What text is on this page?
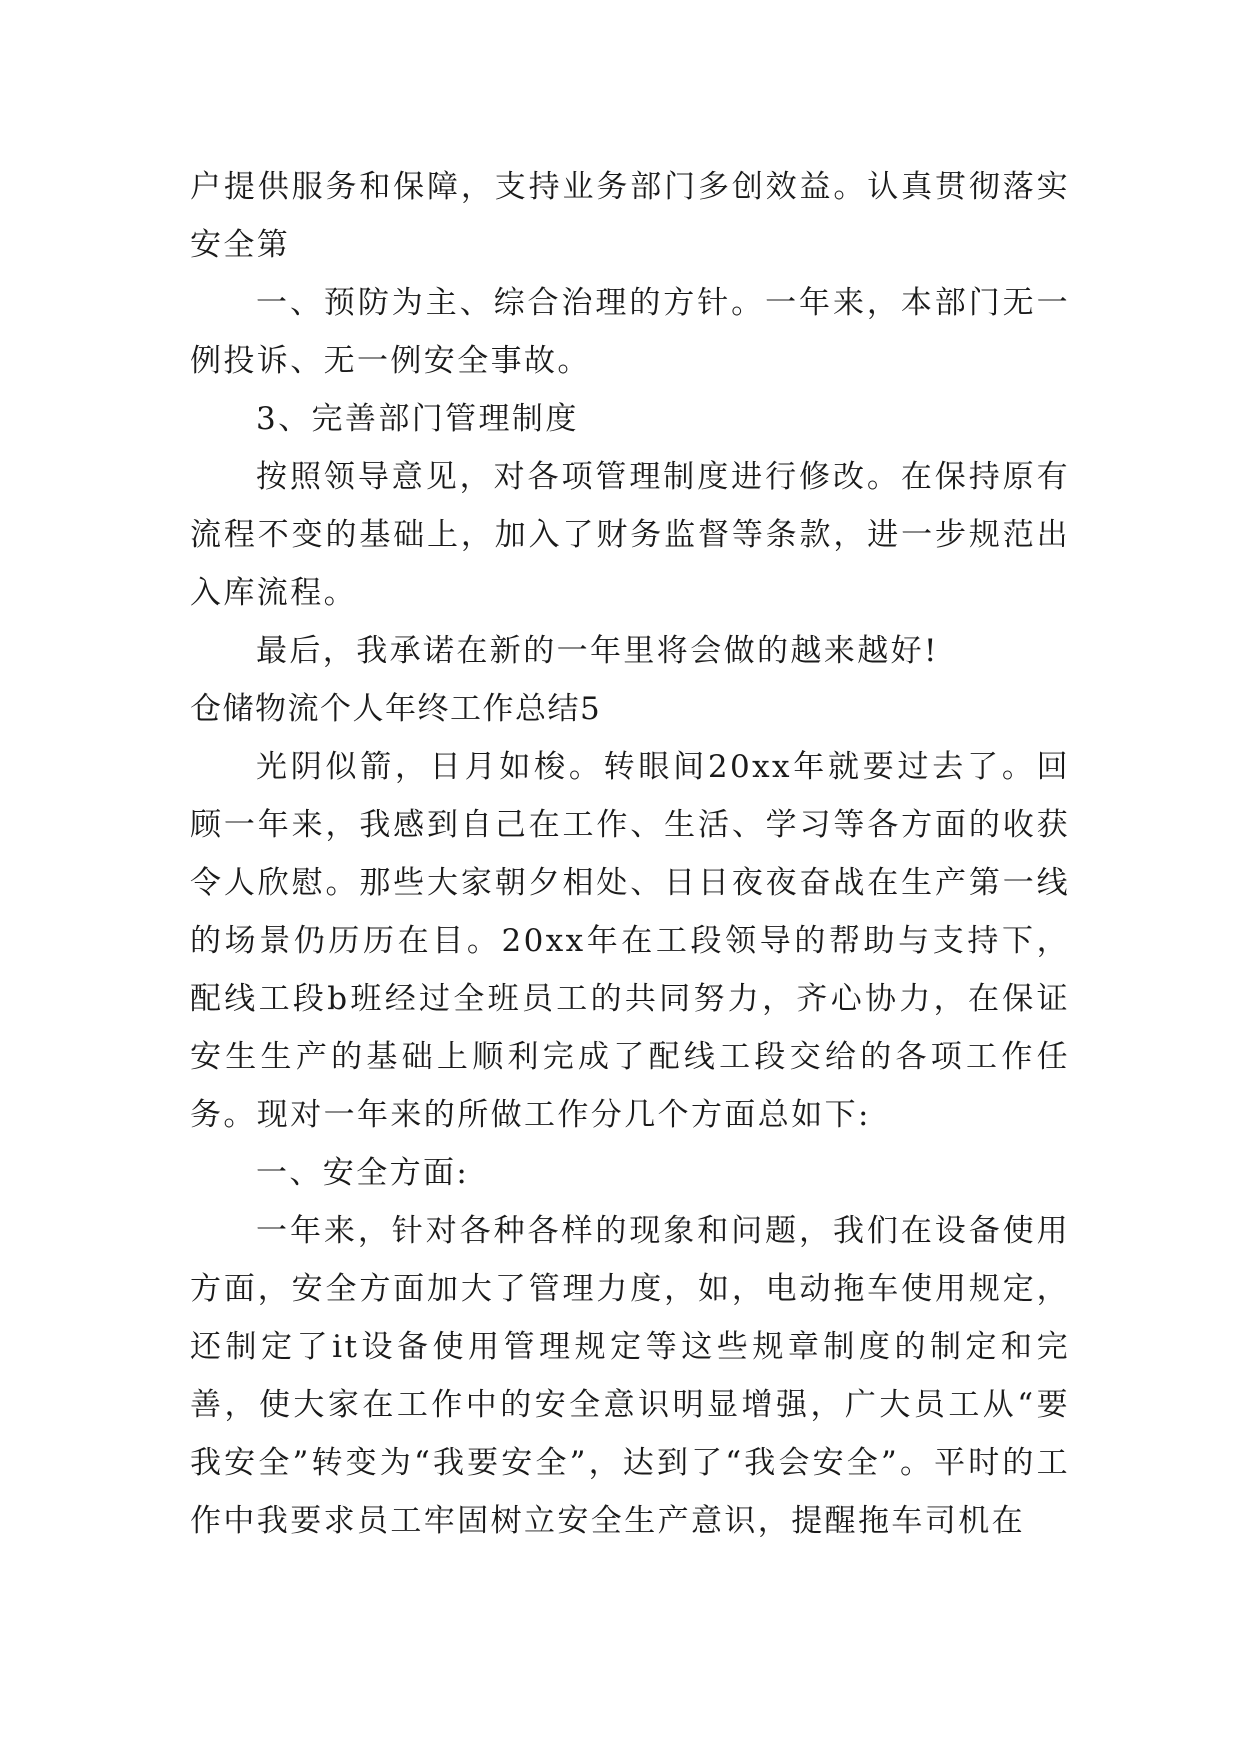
户提供服务和保障，支持业务部门多创效益。认真贯彻落实安全第

一、预防为主、综合治理的方针。一年来，本部门无一例投诉、无一例安全事故。

3、完善部门管理制度

按照领导意见，对各项管理制度进行修改。在保持原有流程不变的基础上，加入了财务监督等条款，进一步规范出入库流程。

最后，我承诺在新的一年里将会做的越来越好!

仓储物流个人年终工作总结5

光阴似箭，日月如梭。转眼间20xx年就要过去了。回顾一年来，我感到自己在工作、生活、学习等各方面的收获令人欣慰。那些大家朝夕相处、日日夜夜奋战在生产第一线的场景仍历历在目。20xx年在工段领导的帮助与支持下，配线工段b班经过全班员工的共同努力，齐心协力，在保证安生生产的基础上顺利完成了配线工段交给的各项工作任务。现对一年来的所做工作分几个方面总如下:

一、安全方面:

一年来，针对各种各样的现象和问题，我们在设备使用方面，安全方面加大了管理力度，如，电动拖车使用规定，还制定了it设备使用管理规定等这些规章制度的制定和完善，使大家在工作中的安全意识明显增强，广大员工从“要我安全”转变为“我要安全”，达到了“我会安全”。平时的工作中我要求员工牢固树立安全生产意识，提醒拖车司机在
